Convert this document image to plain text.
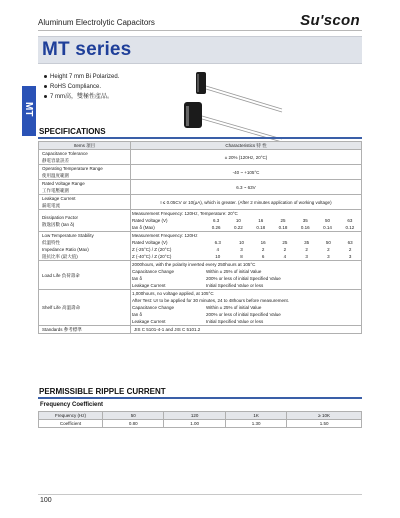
Aluminum Electrolytic Capacitors	Su'scon
MT series
MT
Height 7 mm Bi Polarized.
RoHS Compliance.
7 mm高，雙極性產品。
SPECIFICATIONS
Items 項目	Characteristics 特 性

Capacitance Tolerance
靜電容量誤差
	± 20% (120Hz, 20°C)

Operating Temperature Range
使用溫度範圍
	-40 ~ +105°C

Rated Voltage Range
工作電壓範圍
	6.3 ~ 63V

Leakage Current
漏電電流
	I ≤ 0.05CV or 10(μA), which is greater. (After 2 minutes application of working voltage)

Dissipation Factor
散逸因數 (tan δ)

Measurement Frequency: 120Hz, Temperature: 20°C
Rated Voltage (V)	6.3	10	16	25	35	50	63
tan δ (Max)	0.26	0.22	0.18	0.18	0.16	0.14	0.12

Low Temperature Stability
低溫特性
Impedance Ratio (Max)
阻抗比率 (最大值)

Measurement Frequency: 120Hz
Rated Voltage (V)	6.3	10	16	25	35	50	63
Z (-25°C) / Z (20°C)	4	3	2	2	2	2	2
Z (-40°C) / Z (20°C)	10	8	6	4	3	3	3

Load Life 負荷壽命	
2000hours, with the polarity inverted every 250hours at 105°C
Capacitance Change	Within ± 25% of initial Value
tan δ	200% or less of initial Specified Value
Leakage Current	Initial Specified Value or less

Shelf Life 高溫壽命	
1,000hours, no voltage applied, at 105°C
After Test: Ur to be applied for 30 minutes, 24 to 48hours before measurement.
Capacitance Change	Within ± 25% of initial Value
tan δ	200% or less of initial Specified Value
Leakage Current	Initial Specified Value or less

Standards 參考標準	JIS C 5101-4-1 and JIS C 5101.2
PERMISSIBLE RIPPLE CURRENT
Frequency Coefficient
Frequency (Hz)	50	120	1K	≥ 10K
Coefficient	0.80	1.00	1.30	1.50
100
